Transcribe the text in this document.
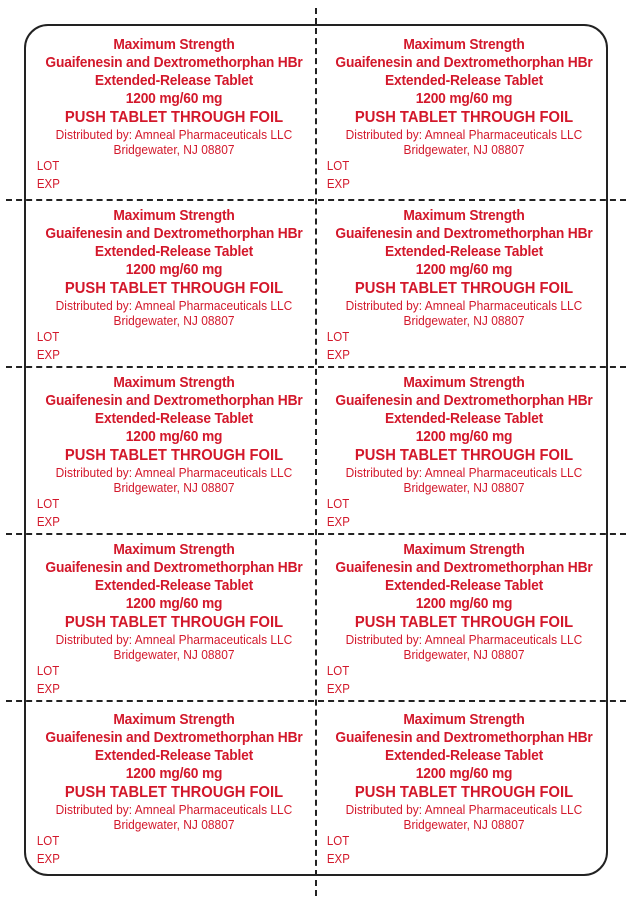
Maximum Strength
Guaifenesin and Dextromethorphan HBr
Extended-Release Tablet
1200 mg/60 mg
PUSH TABLET THROUGH FOIL
Distributed by: Amneal Pharmaceuticals LLC
Bridgewater, NJ 08807
LOT
EXP
Maximum Strength
Guaifenesin and Dextromethorphan HBr
Extended-Release Tablet
1200 mg/60 mg
PUSH TABLET THROUGH FOIL
Distributed by: Amneal Pharmaceuticals LLC
Bridgewater, NJ 08807
LOT
EXP
Maximum Strength
Guaifenesin and Dextromethorphan HBr
Extended-Release Tablet
1200 mg/60 mg
PUSH TABLET THROUGH FOIL
Distributed by: Amneal Pharmaceuticals LLC
Bridgewater, NJ 08807
LOT
EXP
Maximum Strength
Guaifenesin and Dextromethorphan HBr
Extended-Release Tablet
1200 mg/60 mg
PUSH TABLET THROUGH FOIL
Distributed by: Amneal Pharmaceuticals LLC
Bridgewater, NJ 08807
LOT
EXP
Maximum Strength
Guaifenesin and Dextromethorphan HBr
Extended-Release Tablet
1200 mg/60 mg
PUSH TABLET THROUGH FOIL
Distributed by: Amneal Pharmaceuticals LLC
Bridgewater, NJ 08807
LOT
EXP
Maximum Strength
Guaifenesin and Dextromethorphan HBr
Extended-Release Tablet
1200 mg/60 mg
PUSH TABLET THROUGH FOIL
Distributed by: Amneal Pharmaceuticals LLC
Bridgewater, NJ 08807
LOT
EXP
Maximum Strength
Guaifenesin and Dextromethorphan HBr
Extended-Release Tablet
1200 mg/60 mg
PUSH TABLET THROUGH FOIL
Distributed by: Amneal Pharmaceuticals LLC
Bridgewater, NJ 08807
LOT
EXP
Maximum Strength
Guaifenesin and Dextromethorphan HBr
Extended-Release Tablet
1200 mg/60 mg
PUSH TABLET THROUGH FOIL
Distributed by: Amneal Pharmaceuticals LLC
Bridgewater, NJ 08807
LOT
EXP
Maximum Strength
Guaifenesin and Dextromethorphan HBr
Extended-Release Tablet
1200 mg/60 mg
PUSH TABLET THROUGH FOIL
Distributed by: Amneal Pharmaceuticals LLC
Bridgewater, NJ 08807
LOT
EXP
Maximum Strength
Guaifenesin and Dextromethorphan HBr
Extended-Release Tablet
1200 mg/60 mg
PUSH TABLET THROUGH FOIL
Distributed by: Amneal Pharmaceuticals LLC
Bridgewater, NJ 08807
LOT
EXP
